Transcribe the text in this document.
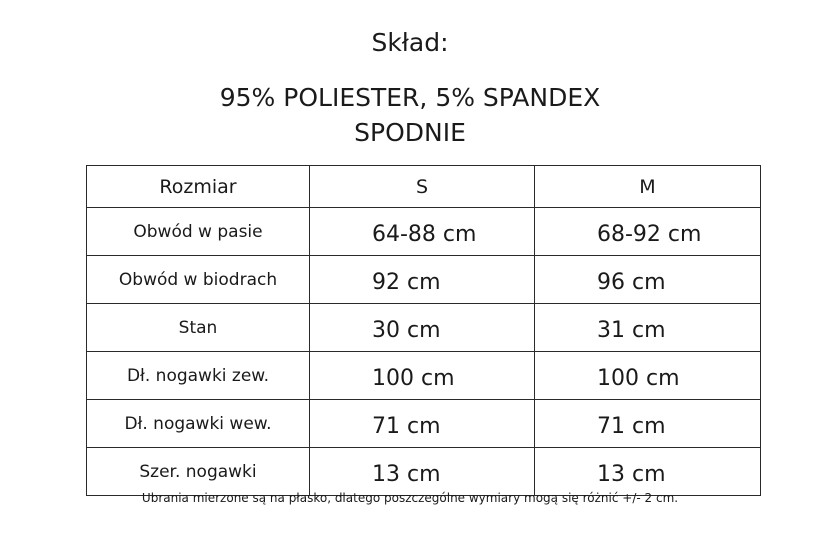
Skład:
95% POLIESTER, 5% SPANDEX
SPODNIE
Rozmiar	S	M
Obwód w pasie	64-88 cm	68-92 cm
Obwód w biodrach	92 cm	96 cm
Stan	30 cm	31 cm
Dł. nogawki zew.	100 cm	100 cm
Dł. nogawki wew.	71 cm	71 cm
Szer. nogawki	13 cm	13 cm
Ubrania mierzone są na płasko, dlatego poszczególne wymiary mogą się różnić +/- 2 cm.
